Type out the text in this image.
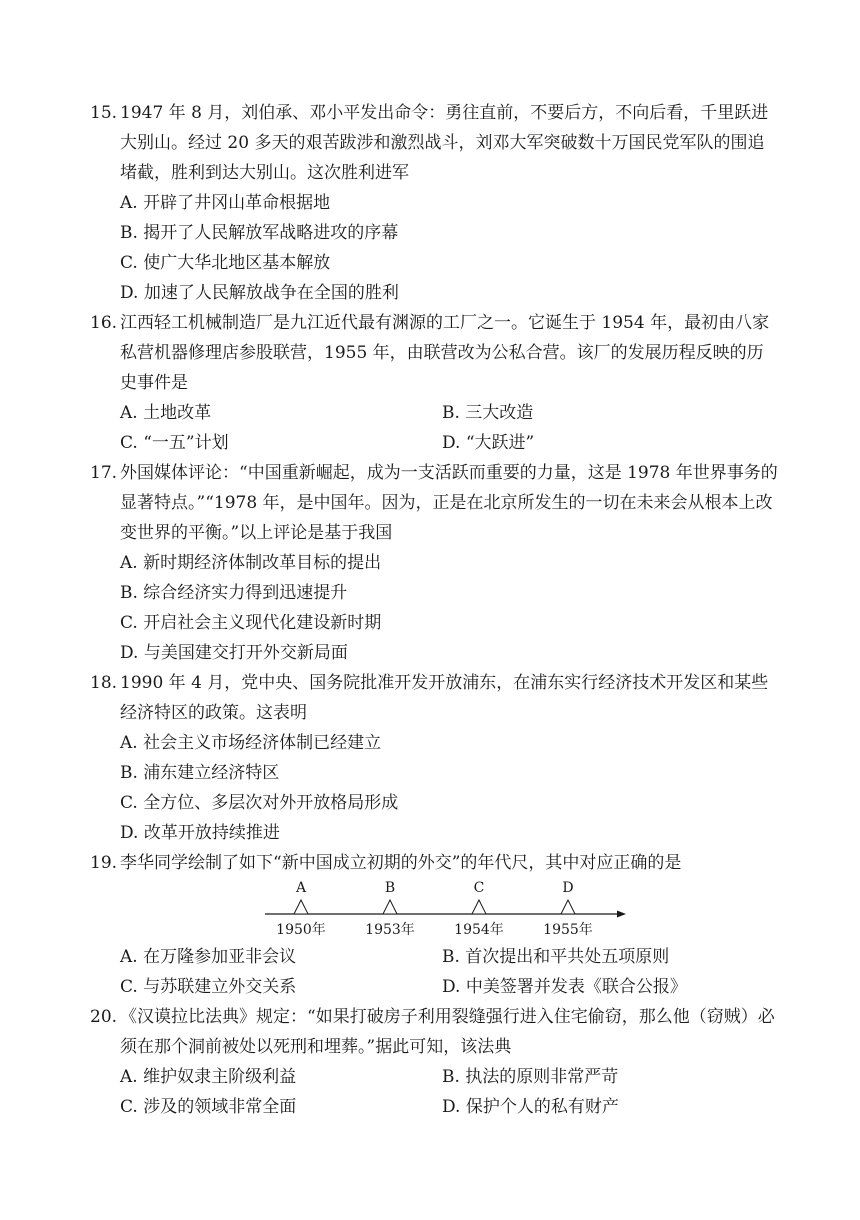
15. 1947 年 8 月，刘伯承、邓小平发出命令：勇往直前，不要后方，不向后看，千里跃进大别山。经过 20 多天的艰苦跋涉和激烈战斗，刘邓大军突破数十万国民党军队的围追堵截，胜利到达大别山。这次胜利进军
A. 开辟了井冈山革命根据地
B. 揭开了人民解放军战略进攻的序幕
C. 使广大华北地区基本解放
D. 加速了人民解放战争在全国的胜利
16. 江西轻工机械制造厂是九江近代最有渊源的工厂之一。它诞生于 1954 年，最初由八家私营机器修理店参股联营，1955 年，由联营改为公私合营。该厂的发展历程反映的历史事件是
A. 土地改革	B. 三大改造
C. “一五”计划	D. “大跃进”
17. 外国媒体评论：“中国重新崛起，成为一支活跃而重要的力量，这是 1978 年世界事务的显著特点。”“1978 年，是中国年。因为，正是在北京所发生的一切在未来会从根本上改变世界的平衡。”以上评论是基于我国
A. 新时期经济体制改革目标的提出
B. 综合经济实力得到迅速提升
C. 开启社会主义现代化建设新时期
D. 与美国建交打开外交新局面
18. 1990 年 4 月，党中央、国务院批准开发开放浦东，在浦东实行经济技术开发区和某些经济特区的政策。这表明
A. 社会主义市场经济体制已经建立
B. 浦东建立经济特区
C. 全方位、多层次对外开放格局形成
D. 改革开放持续推进
19. 李华同学绘制了如下“新中国成立初期的外交”的年代尺，其中对应正确的是
A
1950年
B
1953年
C
1954年
D
1955年
A. 在万隆参加亚非会议	B. 首次提出和平共处五项原则
C. 与苏联建立外交关系	D. 中美签署并发表《联合公报》
20. 《汉谟拉比法典》规定：“如果打破房子利用裂缝强行进入住宅偷窃，那么他（窃贼）必须在那个洞前被处以死刑和埋葬。”据此可知，该法典
A. 维护奴隶主阶级利益	B. 执法的原则非常严苛
C. 涉及的领域非常全面	D. 保护个人的私有财产
